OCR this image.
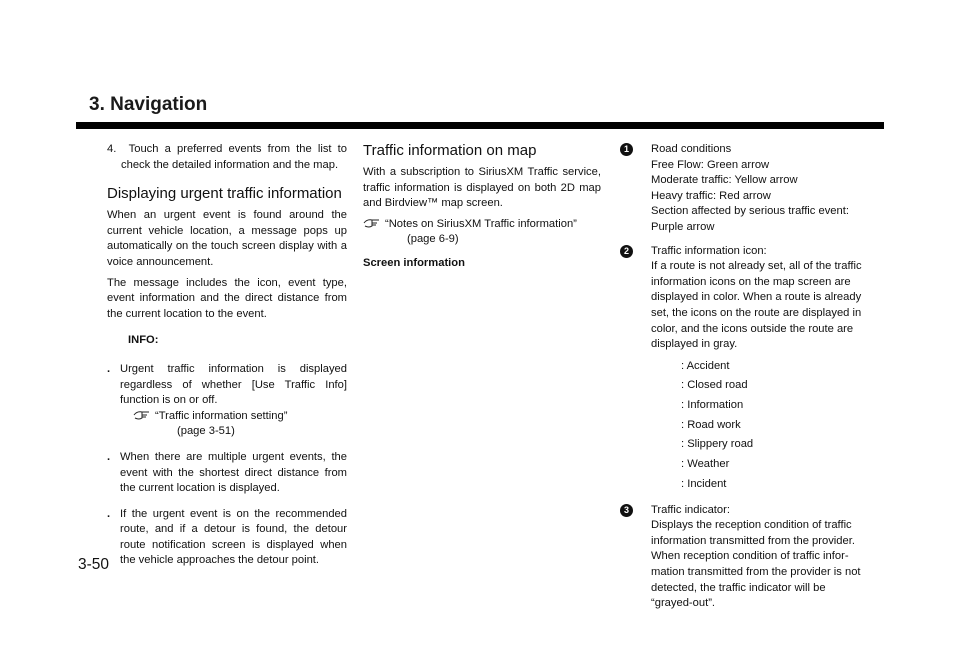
3. Navigation

4. Touch a preferred events from the list to check the detailed information and the map.

Displaying urgent traffic information

When an urgent event is found around the current vehicle location, a message pops up automatically on the touch screen display with a voice announcement.

The message includes the icon, event type, event information and the direct distance from the current location to the event.

INFO:
. Urgent traffic information is displayed regardless of whether [Use Traffic Info] function is on or off.
“Traffic information setting”
(page 3-51)
. When there are multiple urgent events, the event with the shortest direct distance from the current location is displayed.
. If the urgent event is on the recommended route, and if a detour is found, the detour route notification screen is displayed when the vehicle approaches the detour point.
Traffic information on map

With a subscription to SiriusXM Traffic service, traffic information is displayed on both 2D map and Birdview™ map screen.

“Notes on SiriusXM Traffic information”
(page 6-9)

Screen information

1	Road conditions
Free Flow: Green arrow
Moderate traffic: Yellow arrow
Heavy traffic: Red arrow
Section affected by serious traffic event:
Purple arrow
2	Traffic information icon:
If a route is not already set, all of the traffic
information icons on the map screen are
displayed in color. When a route is already
set, the icons on the route are displayed in
color, and the icons outside the route are
displayed in gray.
: Accident
: Closed road
: Information
: Road work
: Slippery road
: Weather
: Incident
3	Traffic indicator:
Displays the reception condition of traffic
information transmitted from the provider.
When reception condition of traffic infor-
mation transmitted from the provider is not
detected, the traffic indicator will be
“grayed-out”.
3-50
